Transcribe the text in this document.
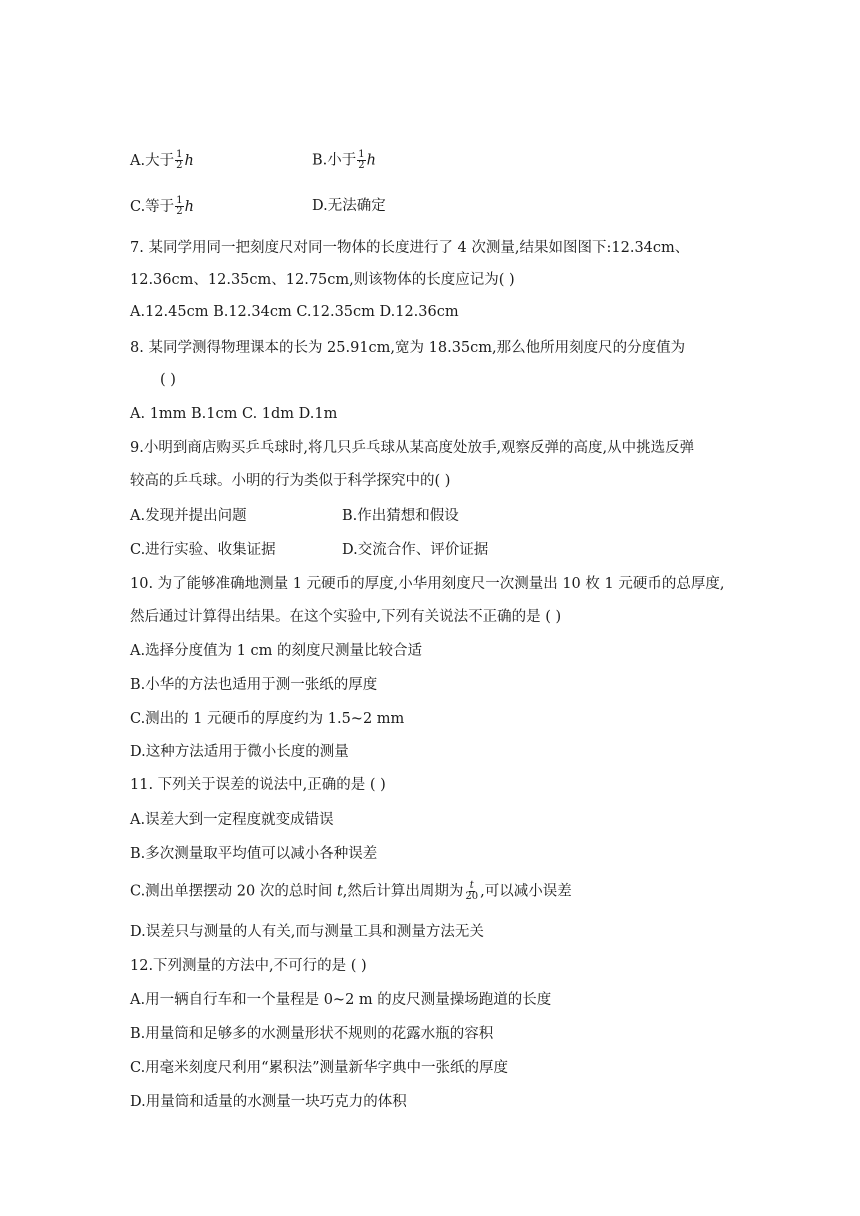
A.大于 $\frac{1}{2}$ h	B.小于 $\frac{1}{2}$ h
C.等于 $\frac{1}{2}$ h	D.无法确定
7. 某同学用同一把刻度尺对同一物体的长度进行了 4 次测量,结果如图图下:12.34cm、
12.36cm、12.35cm、12.75cm,则该物体的长度应记为( )
A.12.45cm B.12.34cm C.12.35cm D.12.36cm
8. 某同学测得物理课本的长为 25.91cm,宽为 18.35cm,那么他所用刻度尺的分度值为
( )
A. 1mm B.1cm C. 1dm D.1m
9.小明到商店购买乒乓球时,将几只乒乓球从某高度处放手,观察反弹的高度,从中挑选反弹
较高的乒乓球。小明的行为类似于科学探究中的( )
A.发现并提出问题	B.作出猜想和假设
C.进行实验、收集证据	D.交流合作、评价证据
10. 为了能够准确地测量 1 元硬币的厚度,小华用刻度尺一次测量出 10 枚 1 元硬币的总厚度,
然后通过计算得出结果。在这个实验中,下列有关说法不正确的是 ( )
A.选择分度值为 1 cm 的刻度尺测量比较合适
B.小华的方法也适用于测一张纸的厚度
C.测出的 1 元硬币的厚度约为 1.5~2 mm
D.这种方法适用于微小长度的测量
11. 下列关于误差的说法中,正确的是 ( )
A.误差大到一定程度就变成错误
B.多次测量取平均值可以减小各种误差
C.测出单摆摆动 20 次的总时间 t,然后计算出周期为 $\frac{t}{20}$ ,可以减小误差
D.误差只与测量的人有关,而与测量工具和测量方法无关
12.下列测量的方法中,不可行的是 ( )
A.用一辆自行车和一个量程是 0~2 m 的皮尺测量操场跑道的长度
B.用量筒和足够多的水测量形状不规则的花露水瓶的容积
C.用毫米刻度尺利用“累积法”测量新华字典中一张纸的厚度
D.用量筒和适量的水测量一块巧克力的体积
